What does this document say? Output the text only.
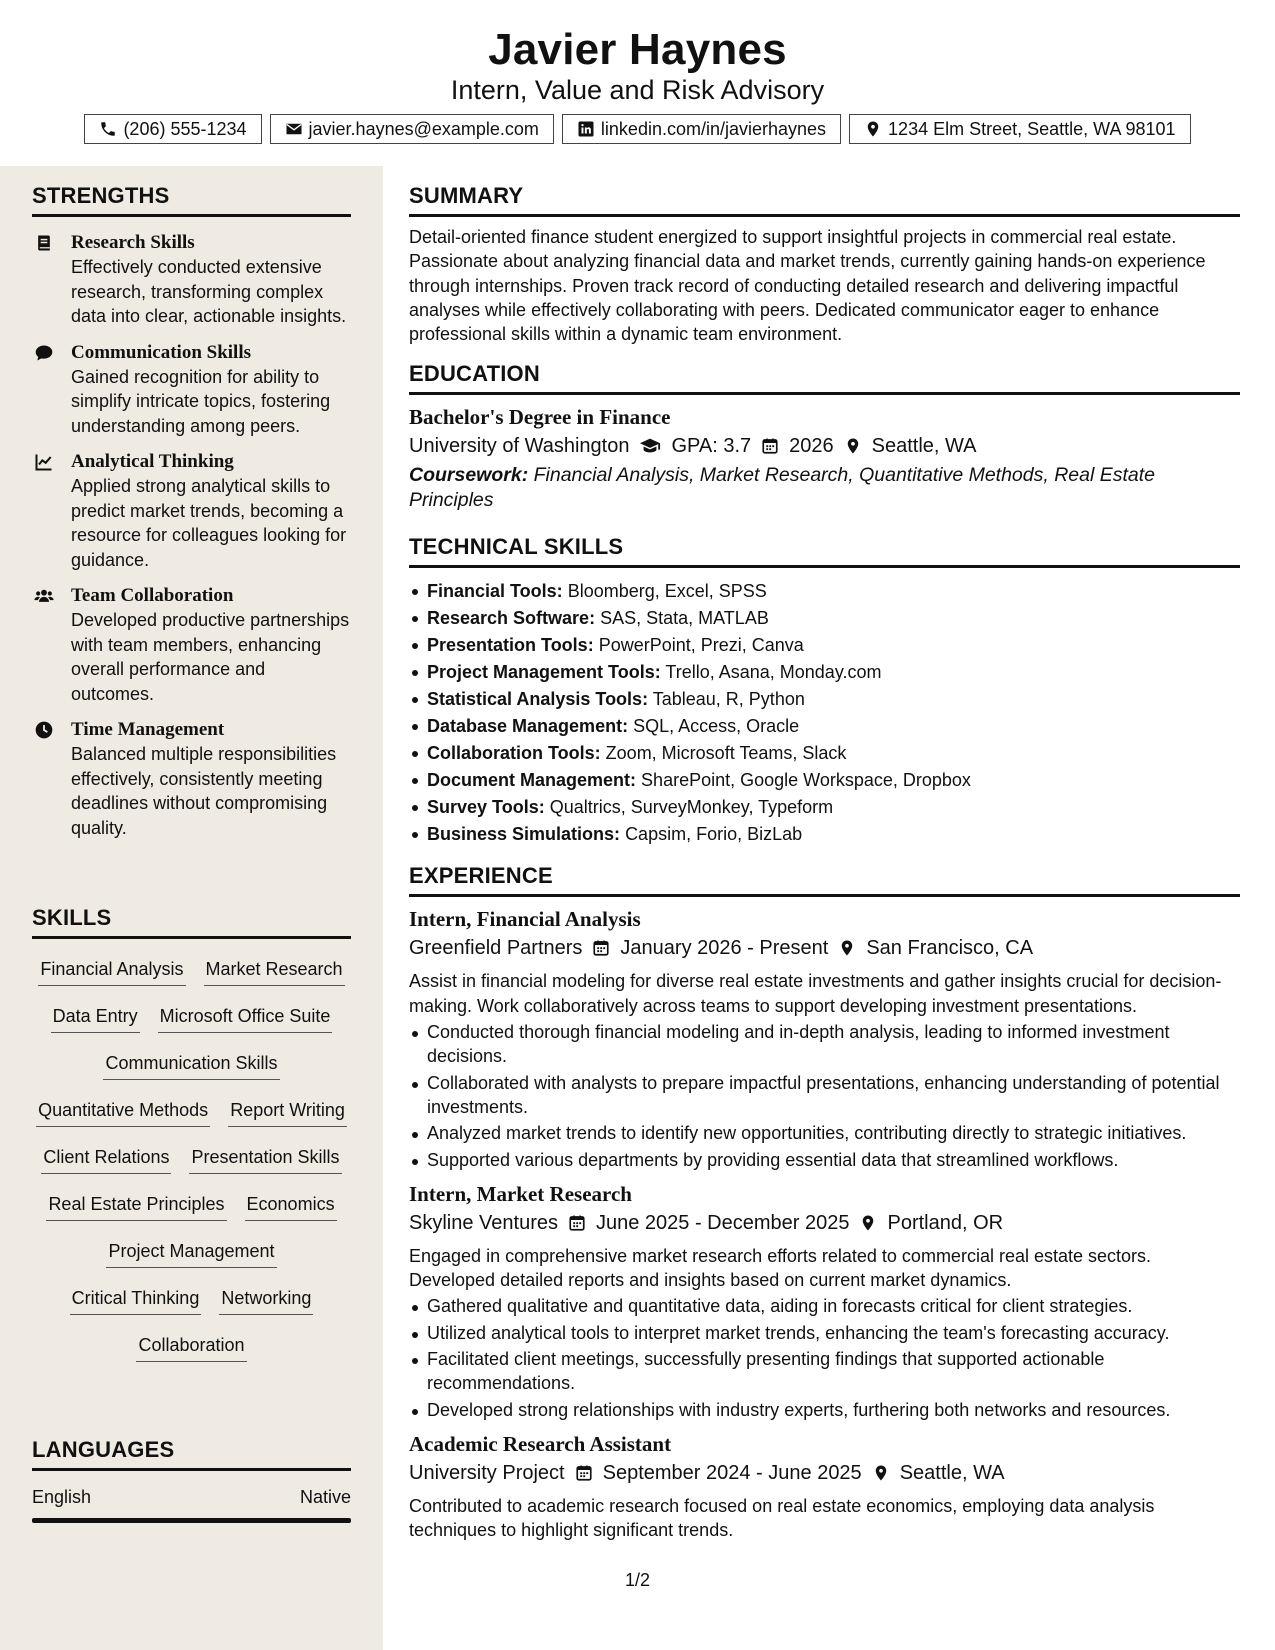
Javier Haynes
Intern, Value and Risk Advisory
(206) 555-1234	javier.haynes@example.com	linkedin.com/in/javierhaynes	1234 Elm Street, Seattle, WA 98101
STRENGTHS
Research Skills
Effectively conducted extensive research, transforming complex data into clear, actionable insights.
Communication Skills
Gained recognition for ability to simplify intricate topics, fostering understanding among peers.
Analytical Thinking
Applied strong analytical skills to predict market trends, becoming a resource for colleagues looking for guidance.
Team Collaboration
Developed productive partnerships with team members, enhancing overall performance and outcomes.
Time Management
Balanced multiple responsibilities effectively, consistently meeting deadlines without compromising quality.
SKILLS
Financial Analysis Market Research
Data Entry Microsoft Office Suite
Communication Skills
Quantitative Methods Report Writing
Client Relations Presentation Skills
Real Estate Principles Economics
Project Management
Critical Thinking Networking
Collaboration
LANGUAGES
English	Native
SUMMARY
Detail-oriented finance student energized to support insightful projects in commercial real estate. Passionate about analyzing financial data and market trends, currently gaining hands-on experience through internships. Proven track record of conducting detailed research and delivering impactful analyses while effectively collaborating with peers. Dedicated communicator eager to enhance professional skills within a dynamic team environment.
EDUCATION
Bachelor's Degree in Finance
University of Washington GPA: 3.7 2026 Seattle, WA
Coursework: Financial Analysis, Market Research, Quantitative Methods, Real Estate Principles
TECHNICAL SKILLS
Financial Tools: Bloomberg, Excel, SPSS
Research Software: SAS, Stata, MATLAB
Presentation Tools: PowerPoint, Prezi, Canva
Project Management Tools: Trello, Asana, Monday.com
Statistical Analysis Tools: Tableau, R, Python
Database Management: SQL, Access, Oracle
Collaboration Tools: Zoom, Microsoft Teams, Slack
Document Management: SharePoint, Google Workspace, Dropbox
Survey Tools: Qualtrics, SurveyMonkey, Typeform
Business Simulations: Capsim, Forio, BizLab
EXPERIENCE
Intern, Financial Analysis
Greenfield Partners January 2026 - Present San Francisco, CA
Assist in financial modeling for diverse real estate investments and gather insights crucial for decision-making. Work collaboratively across teams to support developing investment presentations.
Conducted thorough financial modeling and in-depth analysis, leading to informed investment decisions.
Collaborated with analysts to prepare impactful presentations, enhancing understanding of potential investments.
Analyzed market trends to identify new opportunities, contributing directly to strategic initiatives.
Supported various departments by providing essential data that streamlined workflows.
Intern, Market Research
Skyline Ventures June 2025 - December 2025 Portland, OR
Engaged in comprehensive market research efforts related to commercial real estate sectors. Developed detailed reports and insights based on current market dynamics.
Gathered qualitative and quantitative data, aiding in forecasts critical for client strategies.
Utilized analytical tools to interpret market trends, enhancing the team's forecasting accuracy.
Facilitated client meetings, successfully presenting findings that supported actionable recommendations.
Developed strong relationships with industry experts, furthering both networks and resources.
Academic Research Assistant
University Project September 2024 - June 2025 Seattle, WA
Contributed to academic research focused on real estate economics, employing data analysis techniques to highlight significant trends.
1/2
